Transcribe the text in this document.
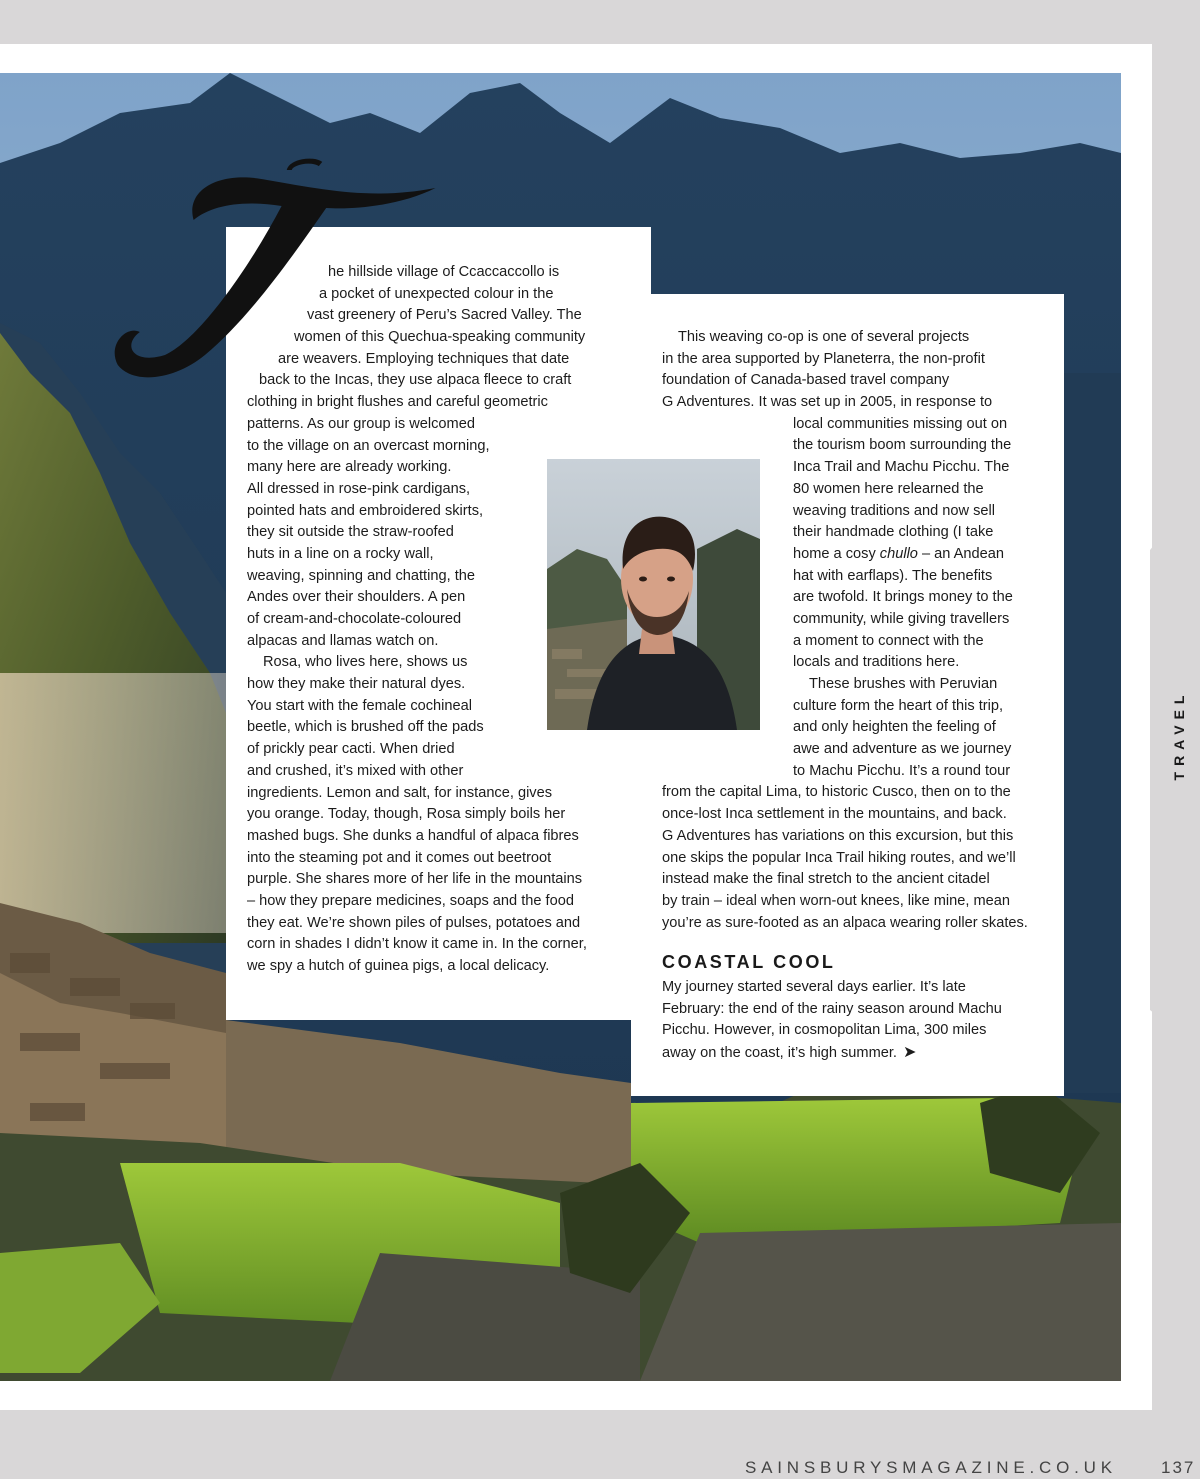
he hillside village of Ccaccaccollo is
a pocket of unexpected colour in the
vast greenery of Peru’s Sacred Valley. The
women of this Quechua-speaking community
are weavers. Employing techniques that date
back to the Incas, they use alpaca fleece to craft
clothing in bright flushes and careful geometric
patterns. As our group is welcomed
to the village on an overcast morning,
many here are already working.
All dressed in rose-pink cardigans,
pointed hats and embroidered skirts,
they sit outside the straw-roofed
huts in a line on a rocky wall,
weaving, spinning and chatting, the
Andes over their shoulders. A pen
of cream-and-chocolate-coloured
alpacas and llamas watch on.
Rosa, who lives here, shows us
how they make their natural dyes.
You start with the female cochineal
beetle, which is brushed off the pads
of prickly pear cacti. When dried
and crushed, it’s mixed with other
ingredients. Lemon and salt, for instance, gives
you orange. Today, though, Rosa simply boils her
mashed bugs. She dunks a handful of alpaca fibres
into the steaming pot and it comes out beetroot
purple. She shares more of her life in the mountains
– how they prepare medicines, soaps and the food
they eat. We’re shown piles of pulses, potatoes and
corn in shades I didn’t know it came in. In the corner,
we spy a hutch of guinea pigs, a local delicacy.
This weaving co-op is one of several projects
in the area supported by Planeterra, the non-profit
foundation of Canada-based travel company
G Adventures. It was set up in 2005, in response to
local communities missing out on
the tourism boom surrounding the
Inca Trail and Machu Picchu. The
80 women here relearned the
weaving traditions and now sell
their handmade clothing (I take
home a cosy chullo – an Andean
hat with earflaps). The benefits
are twofold. It brings money to the
community, while giving travellers
a moment to connect with the
locals and traditions here.
These brushes with Peruvian
culture form the heart of this trip,
and only heighten the feeling of
awe and adventure as we journey
to Machu Picchu. It’s a round tour
from the capital Lima, to historic Cusco, then on to the
once-lost Inca settlement in the mountains, and back.
G Adventures has variations on this excursion, but this
one skips the popular Inca Trail hiking routes, and we’ll
instead make the final stretch to the ancient citadel
by train – ideal when worn-out knees, like mine, mean
you’re as sure-footed as an alpaca wearing roller skates.
COASTAL COOL
My journey started several days earlier. It’s late
February: the end of the rainy season around Machu
Picchu. However, in cosmopolitan Lima, 300 miles
away on the coast, it’s high summer. ➤
TRAVEL
SAINSBURYSMAGAZINE.CO.UK	137
